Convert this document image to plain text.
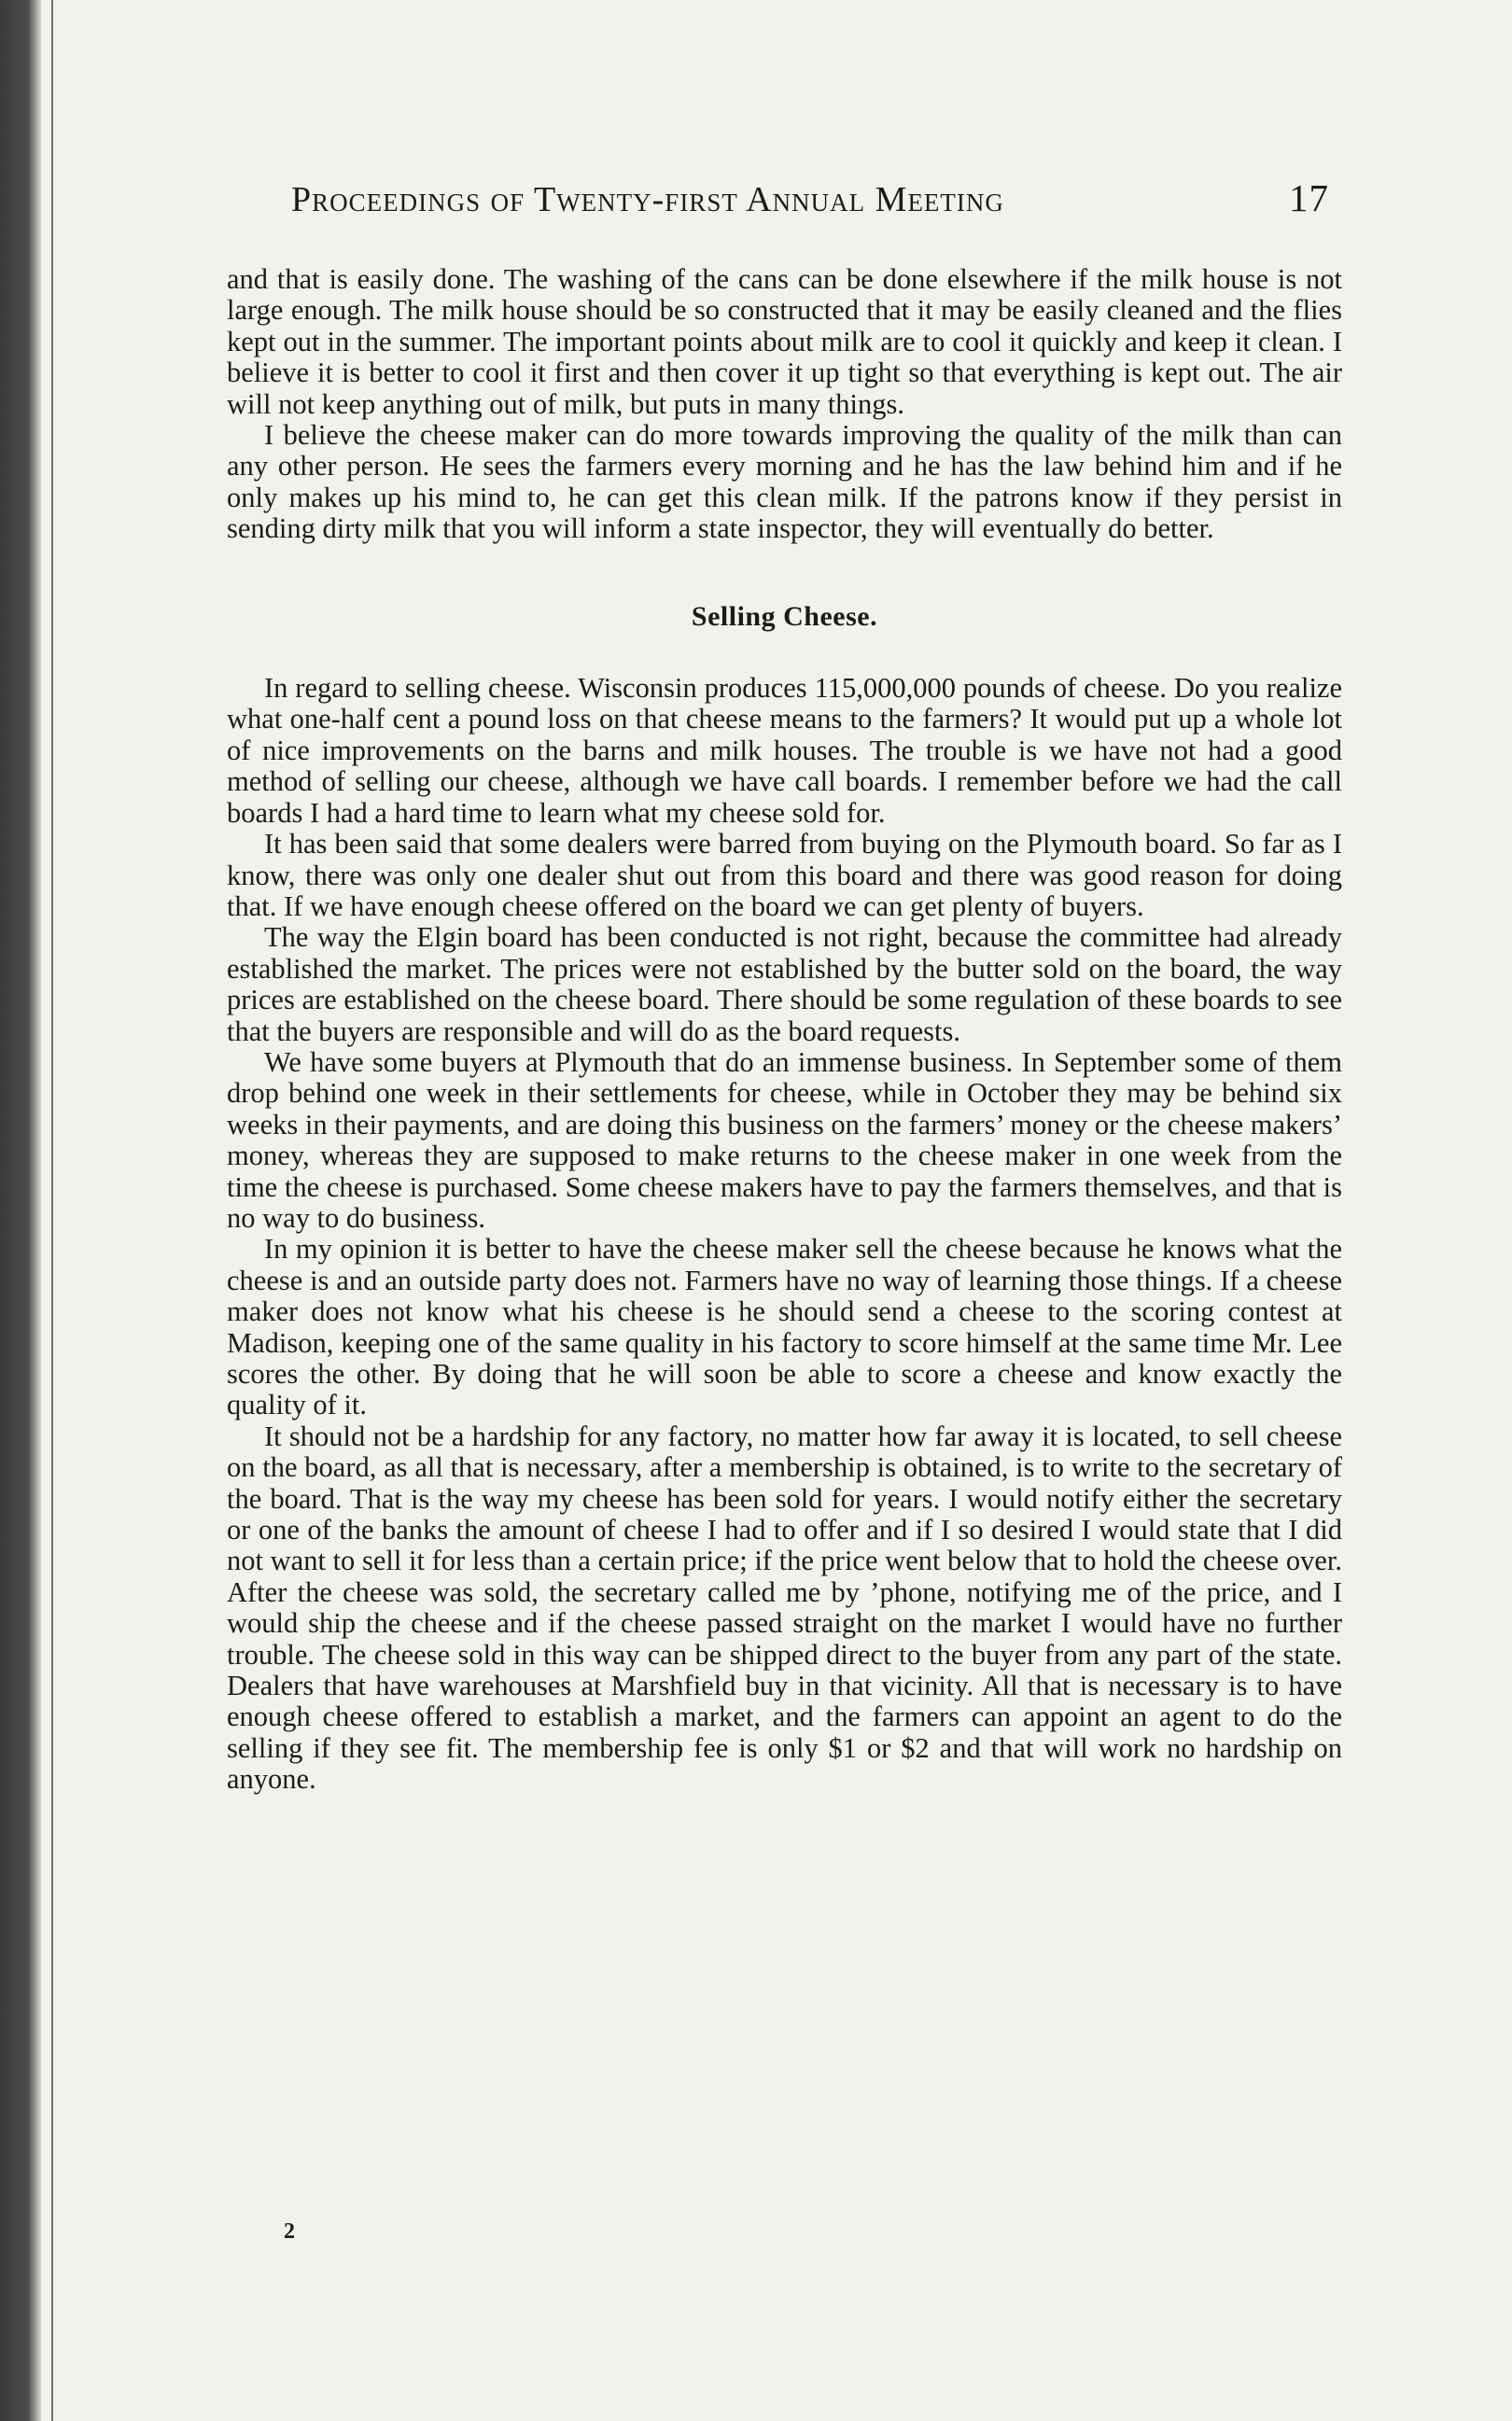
Proceedings of Twenty-first Annual Meeting	17

and that is easily done. The washing of the cans can be done elsewhere if the milk house is not large enough. The milk house should be so constructed that it may be easily cleaned and the flies kept out in the summer. The important points about milk are to cool it quickly and keep it clean. I believe it is better to cool it first and then cover it up tight so that everything is kept out. The air will not keep anything out of milk, but puts in many things.

I believe the cheese maker can do more towards improving the quality of the milk than can any other person. He sees the farmers every morning and he has the law behind him and if he only makes up his mind to, he can get this clean milk. If the patrons know if they persist in sending dirty milk that you will inform a state inspector, they will eventually do better.

Selling Cheese.

In regard to selling cheese. Wisconsin produces 115,000,000 pounds of cheese. Do you realize what one-half cent a pound loss on that cheese means to the farmers? It would put up a whole lot of nice improvements on the barns and milk houses. The trouble is we have not had a good method of selling our cheese, although we have call boards. I remember before we had the call boards I had a hard time to learn what my cheese sold for.

It has been said that some dealers were barred from buying on the Plymouth board. So far as I know, there was only one dealer shut out from this board and there was good reason for doing that. If we have enough cheese offered on the board we can get plenty of buyers.

The way the Elgin board has been conducted is not right, because the committee had already established the market. The prices were not established by the butter sold on the board, the way prices are established on the cheese board. There should be some regulation of these boards to see that the buyers are responsible and will do as the board requests.

We have some buyers at Plymouth that do an immense business. In September some of them drop behind one week in their settlements for cheese, while in October they may be behind six weeks in their payments, and are doing this business on the farmers’ money or the cheese makers’ money, whereas they are supposed to make returns to the cheese maker in one week from the time the cheese is purchased. Some cheese makers have to pay the farmers themselves, and that is no way to do business.

In my opinion it is better to have the cheese maker sell the cheese because he knows what the cheese is and an outside party does not. Farmers have no way of learning those things. If a cheese maker does not know what his cheese is he should send a cheese to the scoring contest at Madison, keeping one of the same quality in his factory to score himself at the same time Mr. Lee scores the other. By doing that he will soon be able to score a cheese and know exactly the quality of it.

It should not be a hardship for any factory, no matter how far away it is located, to sell cheese on the board, as all that is necessary, after a membership is obtained, is to write to the secretary of the board. That is the way my cheese has been sold for years. I would notify either the secretary or one of the banks the amount of cheese I had to offer and if I so desired I would state that I did not want to sell it for less than a certain price; if the price went below that to hold the cheese over. After the cheese was sold, the secretary called me by ’phone, notifying me of the price, and I would ship the cheese and if the cheese passed straight on the market I would have no further trouble. The cheese sold in this way can be shipped direct to the buyer from any part of the state. Dealers that have warehouses at Marshfield buy in that vicinity. All that is necessary is to have enough cheese offered to establish a market, and the farmers can appoint an agent to do the selling if they see fit. The membership fee is only $1 or $2 and that will work no hardship on anyone.

2
